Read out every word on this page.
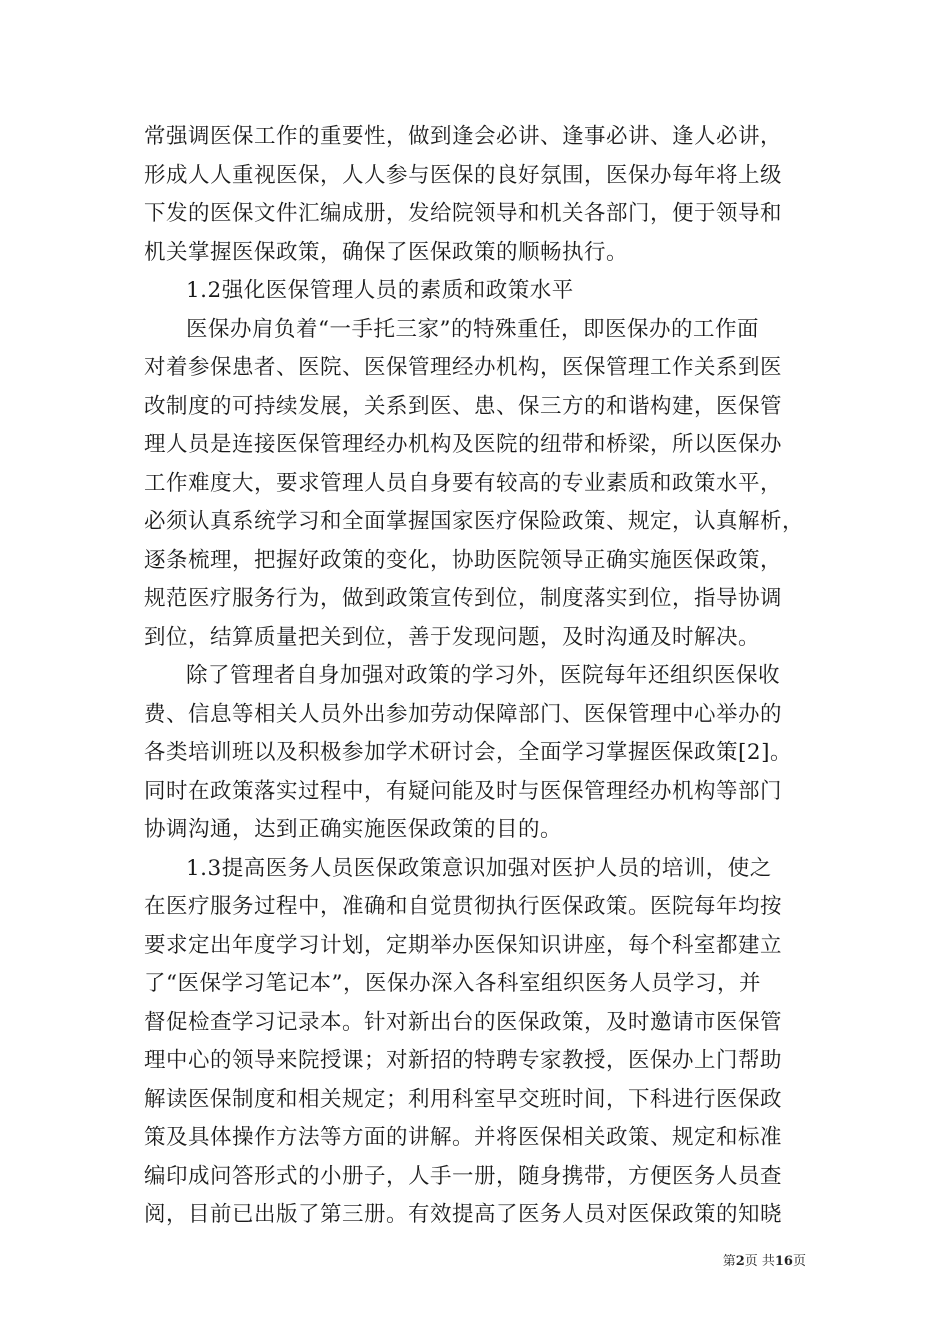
常强调医保工作的重要性，做到逢会必讲、逢事必讲、逢人必讲，
形成人人重视医保，人人参与医保的良好氛围，医保办每年将上级
下发的医保文件汇编成册，发给院领导和机关各部门，便于领导和
机关掌握医保政策，确保了医保政策的顺畅执行。
1.2强化医保管理人员的素质和政策水平
医保办肩负着“一手托三家”的特殊重任，即医保办的工作面
对着参保患者、医院、医保管理经办机构，医保管理工作关系到医
改制度的可持续发展，关系到医、患、保三方的和谐构建，医保管
理人员是连接医保管理经办机构及医院的纽带和桥梁，所以医保办
工作难度大，要求管理人员自身要有较高的专业素质和政策水平，
必须认真系统学习和全面掌握国家医疗保险政策、规定，认真解析，
逐条梳理，把握好政策的变化，协助医院领导正确实施医保政策，
规范医疗服务行为，做到政策宣传到位，制度落实到位，指导协调
到位，结算质量把关到位，善于发现问题，及时沟通及时解决。
除了管理者自身加强对政策的学习外，医院每年还组织医保收
费、信息等相关人员外出参加劳动保障部门、医保管理中心举办的
各类培训班以及积极参加学术研讨会，全面学习掌握医保政策[2]。
同时在政策落实过程中，有疑问能及时与医保管理经办机构等部门
协调沟通，达到正确实施医保政策的目的。
1.3提高医务人员医保政策意识加强对医护人员的培训，使之
在医疗服务过程中，准确和自觉贯彻执行医保政策。医院每年均按
要求定出年度学习计划，定期举办医保知识讲座，每个科室都建立
了“医保学习笔记本”，医保办深入各科室组织医务人员学习，并
督促检查学习记录本。针对新出台的医保政策，及时邀请市医保管
理中心的领导来院授课；对新招的特聘专家教授，医保办上门帮助
解读医保制度和相关规定；利用科室早交班时间，下科进行医保政
策及具体操作方法等方面的讲解。并将医保相关政策、规定和标准
编印成问答形式的小册子，人手一册，随身携带，方便医务人员查
阅，目前已出版了第三册。有效提高了医务人员对医保政策的知晓
第2页 共16页
